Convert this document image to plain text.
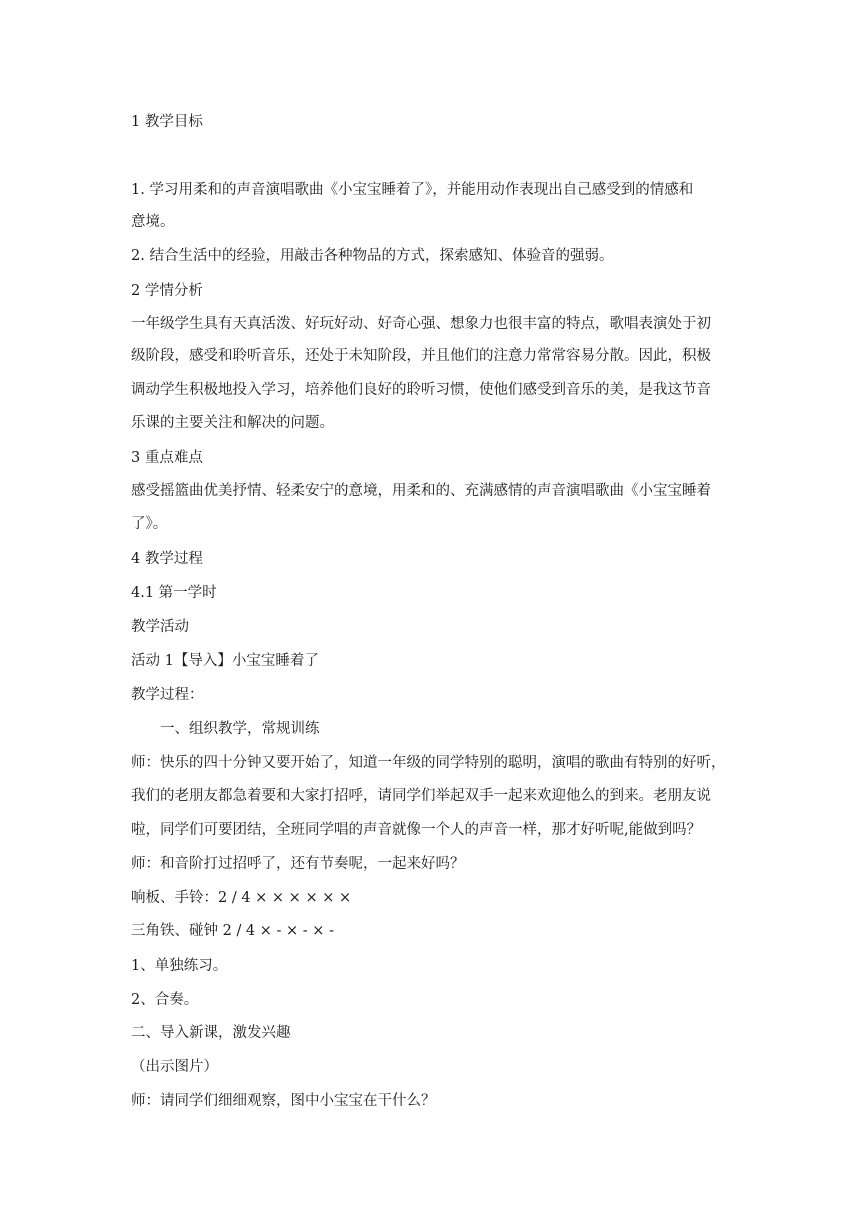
1 教学目标
1. 学习用柔和的声音演唱歌曲《小宝宝睡着了》，并能用动作表现出自己感受到的情感和
意境。
2. 结合生活中的经验，用敲击各种物品的方式，探索感知、体验音的强弱。
2 学情分析
一年级学生具有天真活泼、好玩好动、好奇心强、想象力也很丰富的特点，歌唱表演处于初
级阶段，感受和聆听音乐，还处于未知阶段，并且他们的注意力常常容易分散。因此，积极
调动学生积极地投入学习，培养他们良好的聆听习惯，使他们感受到音乐的美，是我这节音
乐课的主要关注和解决的问题。
3 重点难点
感受摇篮曲优美抒情、轻柔安宁的意境，用柔和的、充满感情的声音演唱歌曲《小宝宝睡着
了》。
4 教学过程
4.1 第一学时
教学活动
活动 1【导入】小宝宝睡着了
教学过程：
一、组织教学，常规训练
师：快乐的四十分钟又要开始了，知道一年级的同学特别的聪明，演唱的歌曲有特别的好听，
我们的老朋友都急着要和大家打招呼，请同学们举起双手一起来欢迎他么的到来。老朋友说
啦，同学们可要团结，全班同学唱的声音就像一个人的声音一样，那才好听呢,能做到吗？
师：和音阶打过招呼了，还有节奏呢，一起来好吗？
响板、手铃：2 / 4 × × × × × ×
三角铁、碰钟 2 / 4 × - × - × -
1、单独练习。
2、合奏。
二、导入新课，激发兴趣
（出示图片）
师：请同学们细细观察，图中小宝宝在干什么？
